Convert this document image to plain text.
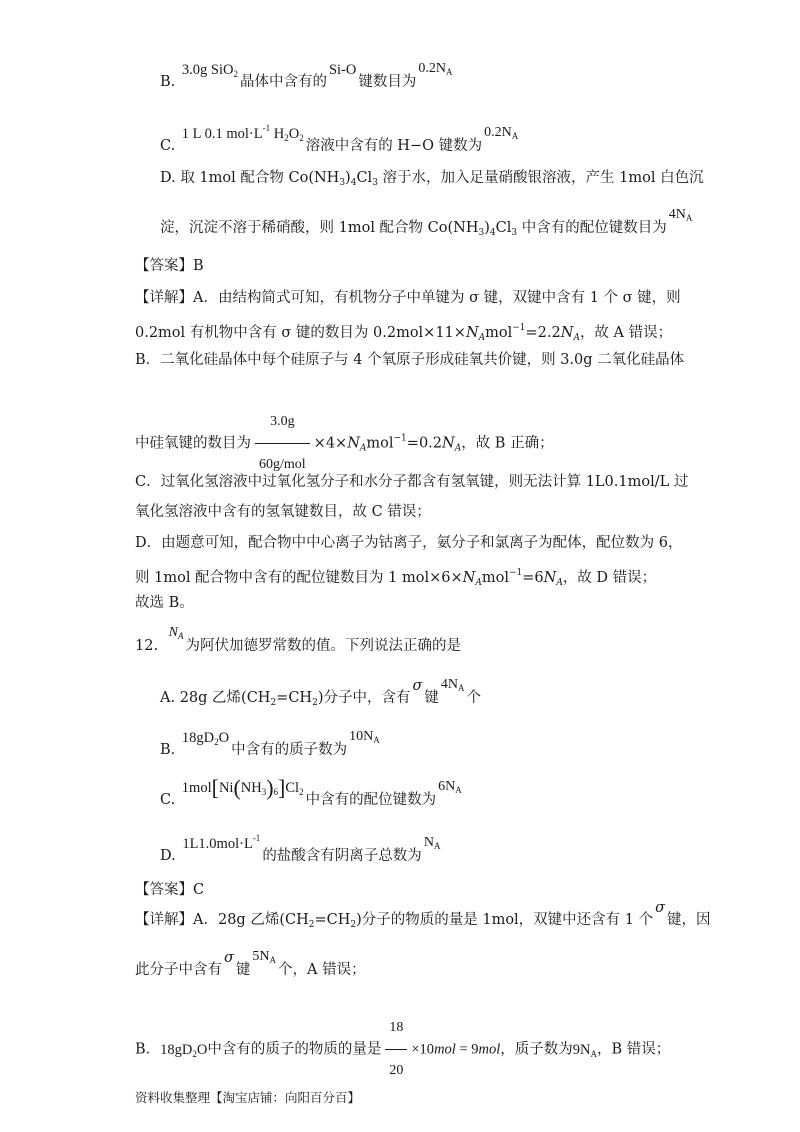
B. 3.0g SiO$_2$ 晶体中含有的Si-O键数目为$0.2N_A$
C. 1 L 0.1 $mol\cdot L^{-1}$ $H_2O_2$ 溶液中含有的 H−O 键数为$0.2N_A$
D. 取 1mol 配合物 $Co(NH_3)_4Cl_3$ 溶于水，加入足量硝酸银溶液，产生 1mol 白色沉
淀，沉淀不溶于稀硝酸，则 1mol 配合物 $Co(NH_3)_4Cl_3$ 中含有的配位键数目为$4N_A$
【答案】B
【详解】A．由结构简式可知，有机物分子中单键为 σ 键，双键中含有 1 个 σ 键，则
0.2mol 有机物中含有 σ 键的数目为 $0.2mol\times 11\times N_Amol^{-1}=2.2N_A$，故 A 错误；
B．二氧化硅晶体中每个硅原子与 4 个氧原子形成硅氧共价键，则 3.0g 二氧化硅晶体
中硅氧键的数目为 $\frac{3.0g}{\text{60g/mol}} \times 4\times N_Amol^{-1}=0.2N_A$，故 B 正确；
C．过氧化氢溶液中过氧化氢分子和水分子都含有氢氧键，则无法计算 1L0.1mol/L 过
氧化氢溶液中含有的氢氧键数目，故 C 错误；
D．由题意可知，配合物中中心离子为钴离子，氨分子和氯离子为配体，配位数为 6，
则 1mol 配合物中含有的配位键数目为 1 $mol\times 6\times N_Amol^{-1}=6N_A$，故 D 错误；
故选 B。
12. $N_A$为阿伏加德罗常数的值。下列说法正确的是
A. 28g 乙烯$(CH_2=CH_2)$分子中，含有σ键$4N_A$个
B. $18gD_2O$中含有的质子数为$10N_A$
C. $1mol[Ni(NH_3)_6]Cl_2$ 中含有的配位键数为$6N_A$
D. $1L1.0mol\cdot L^{-1}$的盐酸含有阴离子总数为$N_A$
【答案】C
【详解】A．28g 乙烯$(CH_2=CH_2)$分子的物质的量是 1mol，双键中还含有 1 个σ键，因
此分子中含有σ键$5N_A$个，A 错误；
B．$18gD_2O$中含有的质子的物质的量是 $\frac{18}{20} \times 10mol = 9mol$，质子数为$9N_A$，B 错误；
资料收集整理【淘宝店铺：向阳百分百】
